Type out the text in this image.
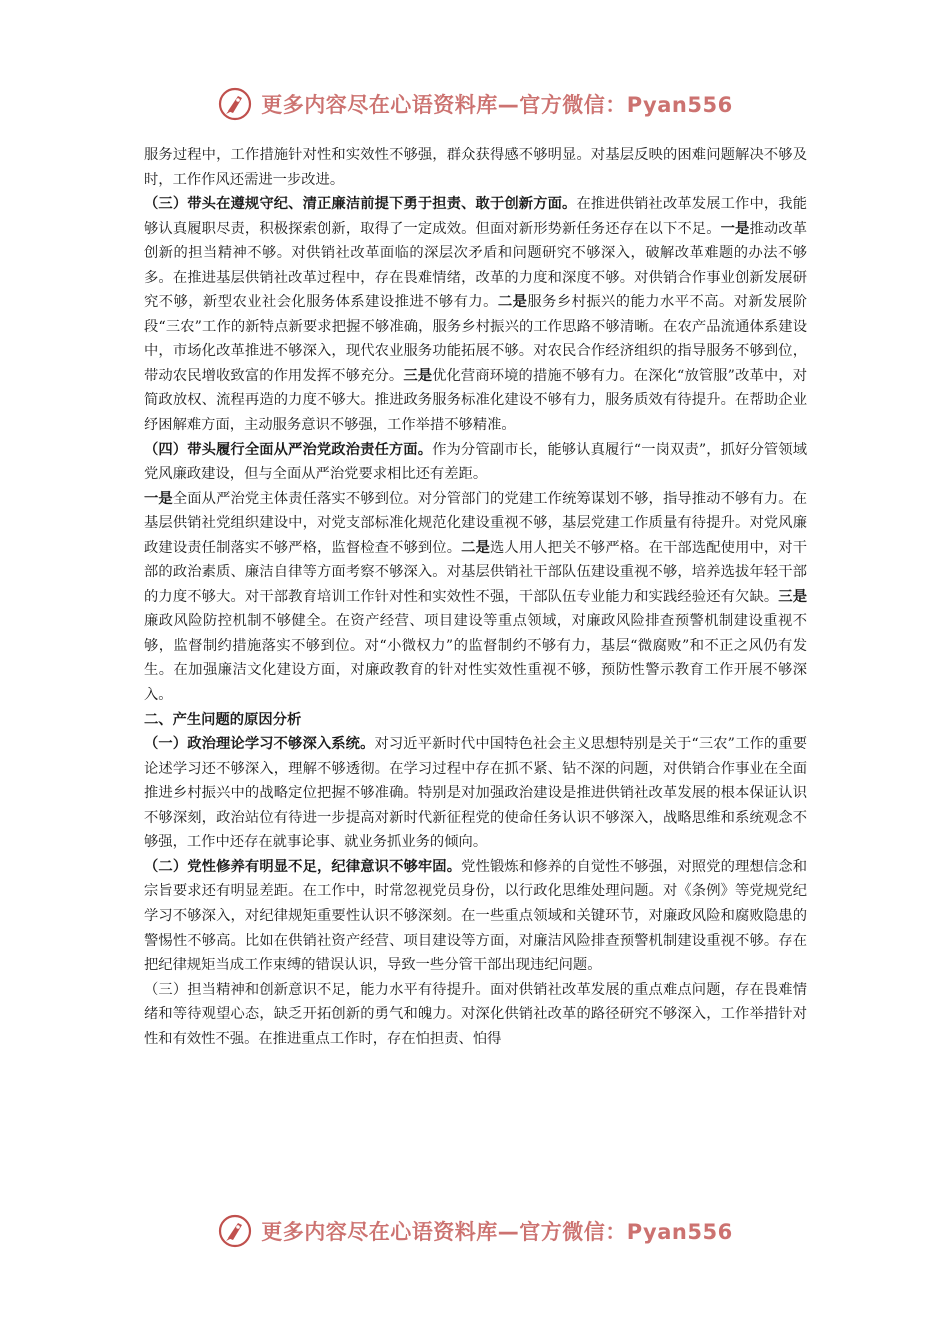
更多内容尽在心语资料库—官方微信：Pyan556

服务过程中，工作措施针对性和实效性不够强，群众获得感不够明显。对基层反映的困难问题解决不够及时，工作作风还需进一步改进。

（三）带头在遵规守纪、清正廉洁前提下勇于担责、敢于创新方面。在推进供销社改革发展工作中，我能够认真履职尽责，积极探索创新，取得了一定成效。但面对新形势新任务还存在以下不足。一是推动改革创新的担当精神不够。对供销社改革面临的深层次矛盾和问题研究不够深入，破解改革难题的办法不够多。在推进基层供销社改革过程中，存在畏难情绪，改革的力度和深度不够。对供销合作事业创新发展研究不够，新型农业社会化服务体系建设推进不够有力。二是服务乡村振兴的能力水平不高。对新发展阶段“三农”工作的新特点新要求把握不够准确，服务乡村振兴的工作思路不够清晰。在农产品流通体系建设中，市场化改革推进不够深入，现代农业服务功能拓展不够。对农民合作经济组织的指导服务不够到位，带动农民增收致富的作用发挥不够充分。三是优化营商环境的措施不够有力。在深化“放管服”改革中，对简政放权、流程再造的力度不够大。推进政务服务标准化建设不够有力，服务质效有待提升。在帮助企业纾困解难方面，主动服务意识不够强，工作举措不够精准。

（四）带头履行全面从严治党政治责任方面。作为分管副市长，能够认真履行“一岗双责”，抓好分管领域党风廉政建设，但与全面从严治党要求相比还有差距。

一是全面从严治党主体责任落实不够到位。对分管部门的党建工作统筹谋划不够，指导推动不够有力。在基层供销社党组织建设中，对党支部标准化规范化建设重视不够，基层党建工作质量有待提升。对党风廉政建设责任制落实不够严格，监督检查不够到位。二是选人用人把关不够严格。在干部选配使用中，对干部的政治素质、廉洁自律等方面考察不够深入。对基层供销社干部队伍建设重视不够，培养选拔年轻干部的力度不够大。对干部教育培训工作针对性和实效性不强，干部队伍专业能力和实践经验还有欠缺。三是廉政风险防控机制不够健全。在资产经营、项目建设等重点领域，对廉政风险排查预警机制建设重视不够，监督制约措施落实不够到位。对“小微权力”的监督制约不够有力，基层“微腐败”和不正之风仍有发生。在加强廉洁文化建设方面，对廉政教育的针对性实效性重视不够，预防性警示教育工作开展不够深入。

二、产生问题的原因分析

（一）政治理论学习不够深入系统。对习近平新时代中国特色社会主义思想特别是关于“三农”工作的重要论述学习还不够深入，理解不够透彻。在学习过程中存在抓不紧、钻不深的问题，对供销合作事业在全面推进乡村振兴中的战略定位把握不够准确。特别是对加强政治建设是推进供销社改革发展的根本保证认识不够深刻，政治站位有待进一步提高对新时代新征程党的使命任务认识不够深入，战略思维和系统观念不够强，工作中还存在就事论事、就业务抓业务的倾向。

（二）党性修养有明显不足，纪律意识不够牢固。党性锻炼和修养的自觉性不够强，对照党的理想信念和宗旨要求还有明显差距。在工作中，时常忽视党员身份，以行政化思维处理问题。对《条例》等党规党纪学习不够深入，对纪律规矩重要性认识不够深刻。在一些重点领域和关键环节，对廉政风险和腐败隐患的警惕性不够高。比如在供销社资产经营、项目建设等方面，对廉洁风险排查预警机制建设重视不够。存在把纪律规矩当成工作束缚的错误认识，导致一些分管干部出现违纪问题。

（三）担当精神和创新意识不足，能力水平有待提升。面对供销社改革发展的重点难点问题，存在畏难情绪和等待观望心态，缺乏开拓创新的勇气和魄力。对深化供销社改革的路径研究不够深入，工作举措针对性和有效性不强。在推进重点工作时，存在怕担责、怕得

更多内容尽在心语资料库—官方微信：Pyan556
